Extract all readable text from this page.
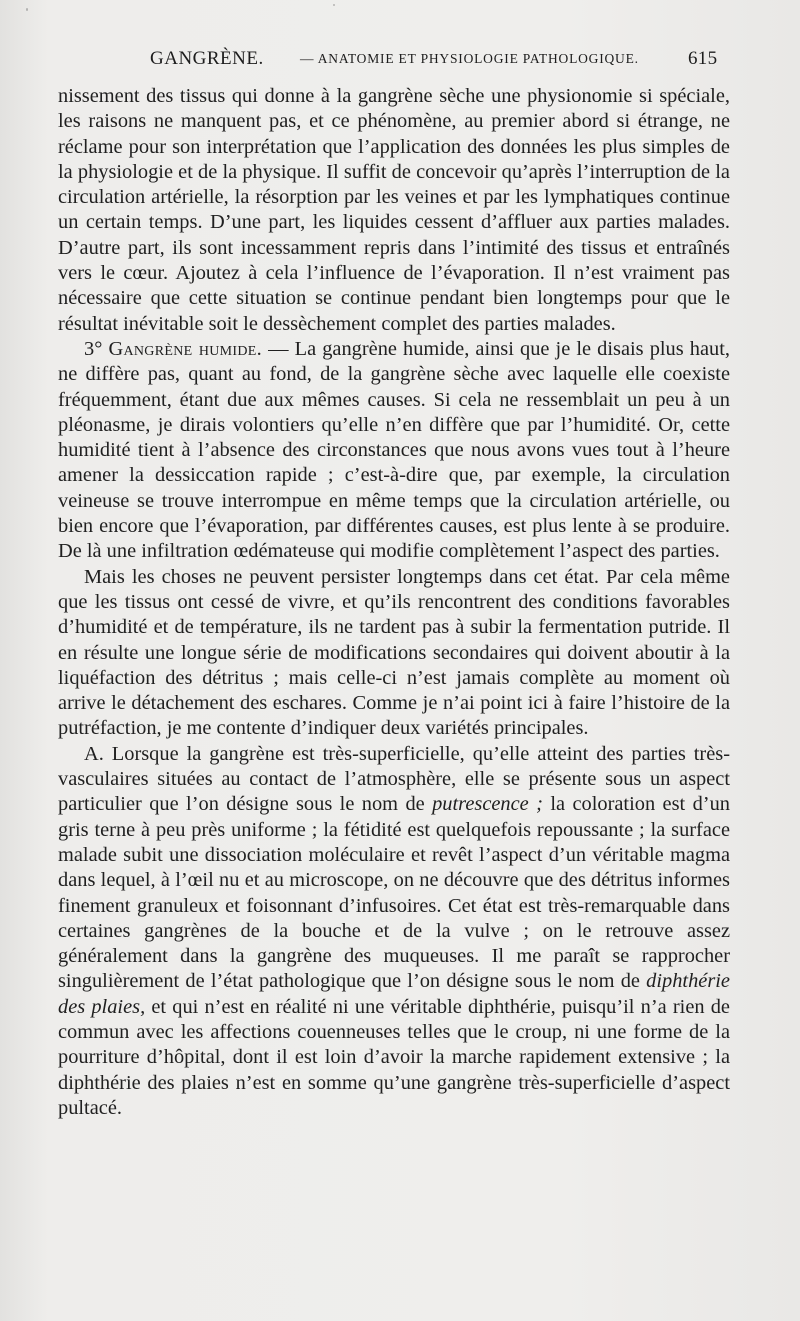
GANGRÈNE.	— ANATOMIE ET PHYSIOLOGIE PATHOLOGIQUE.	615

nissement des tissus qui donne à la gangrène sèche une physionomie si spéciale, les raisons ne manquent pas, et ce phénomène, au premier abord si étrange, ne réclame pour son interprétation que l’application des données les plus simples de la physiologie et de la physique. Il suffit de concevoir qu’après l’interruption de la circulation artérielle, la résorption par les veines et par les lymphatiques continue un certain temps. D’une part, les liquides cessent d’affluer aux parties malades. D’autre part, ils sont incessamment repris dans l’intimité des tissus et entraînés vers le cœur. Ajoutez à cela l’influence de l’évaporation. Il n’est vraiment pas nécessaire que cette situation se continue pendant bien longtemps pour que le résultat inévitable soit le dessèchement complet des parties malades.

3° Gangrène humide. — La gangrène humide, ainsi que je le disais plus haut, ne diffère pas, quant au fond, de la gangrène sèche avec laquelle elle coexiste fréquemment, étant due aux mêmes causes. Si cela ne ressemblait un peu à un pléonasme, je dirais volontiers qu’elle n’en diffère que par l’humidité. Or, cette humidité tient à l’absence des circonstances que nous avons vues tout à l’heure amener la dessiccation rapide ; c’est-à-dire que, par exemple, la circulation veineuse se trouve interrompue en même temps que la circulation artérielle, ou bien encore que l’évaporation, par différentes causes, est plus lente à se produire. De là une infiltration œdémateuse qui modifie complètement l’aspect des parties.

Mais les choses ne peuvent persister longtemps dans cet état. Par cela même que les tissus ont cessé de vivre, et qu’ils rencontrent des conditions favorables d’humidité et de température, ils ne tardent pas à subir la fermentation putride. Il en résulte une longue série de modifications secondaires qui doivent aboutir à la liquéfaction des détritus ; mais celle-ci n’est jamais complète au moment où arrive le détachement des eschares. Comme je n’ai point ici à faire l’histoire de la putréfaction, je me contente d’indiquer deux variétés principales.

A. Lorsque la gangrène est très-superficielle, qu’elle atteint des parties très-vasculaires situées au contact de l’atmosphère, elle se présente sous un aspect particulier que l’on désigne sous le nom de putrescence ; la coloration est d’un gris terne à peu près uniforme ; la fétidité est quelquefois repoussante ; la surface malade subit une dissociation moléculaire et revêt l’aspect d’un véritable magma dans lequel, à l’œil nu et au microscope, on ne découvre que des détritus informes finement granuleux et foisonnant d’infusoires. Cet état est très-remarquable dans certaines gangrènes de la bouche et de la vulve ; on le retrouve assez généralement dans la gangrène des muqueuses. Il me paraît se rapprocher singulièrement de l’état pathologique que l’on désigne sous le nom de diphthérie des plaies, et qui n’est en réalité ni une véritable diphthérie, puisqu’il n’a rien de commun avec les affections couenneuses telles que le croup, ni une forme de la pourriture d’hôpital, dont il est loin d’avoir la marche rapidement extensive ; la diphthérie des plaies n’est en somme qu’une gangrène très-superficielle d’aspect pultacé.
